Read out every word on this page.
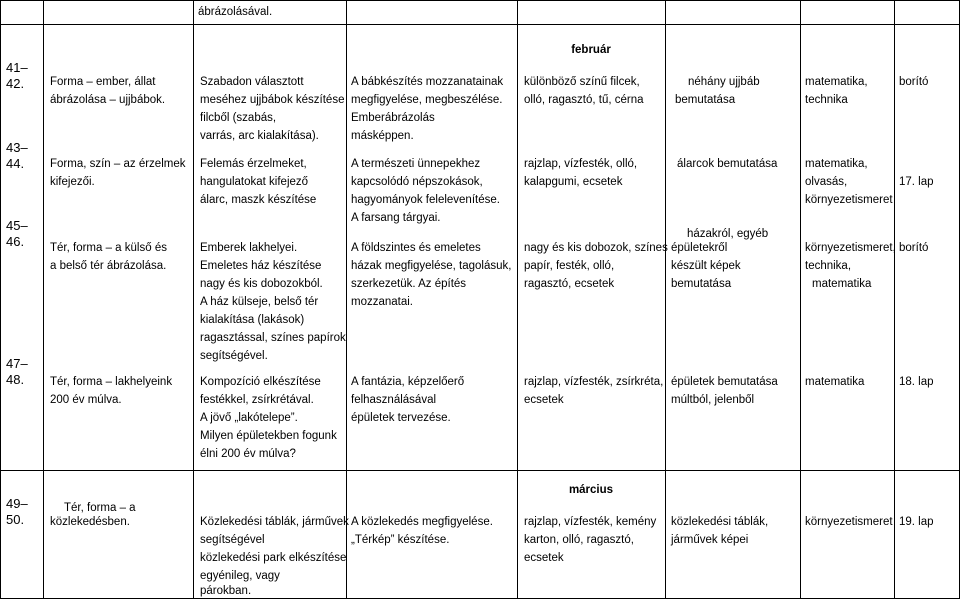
ábrázolásával.
február
március
41–
42. Forma – ember, állat
ábrázolása – ujjbábok.
Szabadon választott
meséhez ujjbábok készítése
filcből (szabás,
varrás, arc kialakítása).
A bábkészítés mozzanatainak
megfigyelése, megbeszélése.
Emberábrázolás
másképpen.
különböző színű filcek,
olló, ragasztó, tű, cérna
néhány ujjbáb
bemutatása
matematika,
technika
borító
43–
44. Forma, szín – az érzelmek
kifejezői.
Felemás érzelmeket,
hangulatokat kifejező
álarc, maszk készítése
A természeti ünnepekhez
kapcsolódó népszokások,
hagyományok felelevenítése.
A farsang tárgyai.
rajzlap, vízfesték, olló,
kalapgumi, ecsetek
álarcok bemutatása matematika,
olvasás,
környezetismeret
17. lap
45–
46. Tér, forma – a külső és
a belső tér ábrázolása.
Emberek lakhelyei.
Emeletes ház készítése
nagy és kis dobozokból.
A ház külseje, belső tér
kialakítása (lakások)
ragasztással, színes papírok
segítségével.
A földszintes és emeletes
házak megfigyelése, tagolásuk,
szerkezetük. Az építés
mozzanatai.
nagy és kis dobozok, színes
papír, festék, olló,
ragasztó, ecsetek
házakról, egyéb
épületekről
készült képek
bemutatása
környezetismeret,
technika,
matematika
borító
47–
48. Tér, forma – lakhelyeink
200 év múlva.
Kompozíció elkészítése
festékkel, zsírkrétával.
A jövő „lakótelepe”.
Milyen épületekben fogunk
élni 200 év múlva?
A fantázia, képzelőerő
felhasználásával
épületek tervezése.
rajzlap, vízfesték, zsírkréta,
ecsetek
épületek bemutatása
múltból, jelenből
matematika	18. lap
49–
50.
Tér, forma – a
közlekedésben.	Közlekedési táblák, járművek
segítségével
közlekedési park elkészítése
egyénileg, vagy
párokban.
A közlekedés megfigyelése.
„Térkép” készítése.
rajzlap, vízfesték, kemény
karton, olló, ragasztó,
ecsetek
közlekedési táblák,
járművek képei
környezetismeret 19. lap
